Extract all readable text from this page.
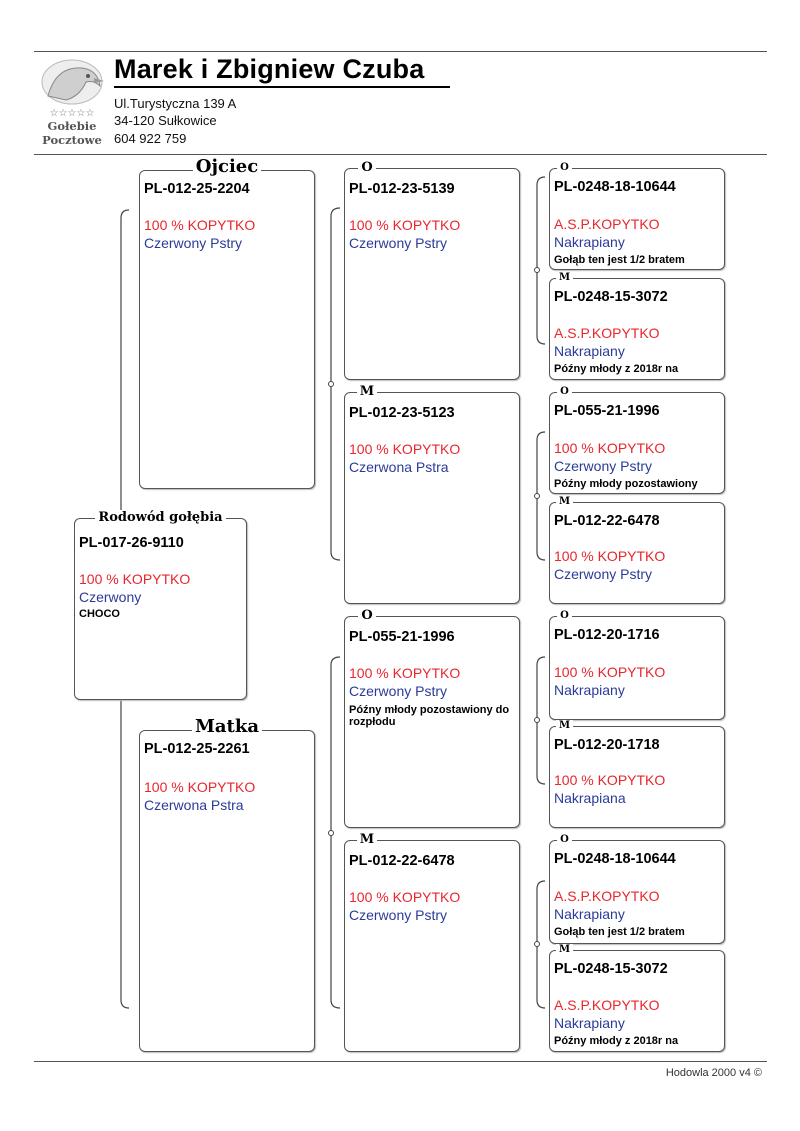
☆☆☆☆☆
Gołebie
Pocztowe
Marek i Zbigniew Czuba
Ul.Turystyczna 139 A
34-120 Sułkowice
604 922 759
Rodowód gołębia
PL-017-26-9110
100 % KOPYTKO
Czerwony
CHOCO
Ojciec
PL-012-25-2204
100 % KOPYTKO
Czerwony Pstry
Matka
PL-012-25-2261
100 % KOPYTKO
Czerwona Pstra
O
PL-012-23-5139
100 % KOPYTKO
Czerwony Pstry
M
PL-012-23-5123
100 % KOPYTKO
Czerwona Pstra
O
PL-055-21-1996
100 % KOPYTKO
Czerwony Pstry
Późny młody pozostawiony do rozpłodu
M
PL-012-22-6478
100 % KOPYTKO
Czerwony Pstry
O
PL-0248-18-10644
A.S.P.KOPYTKO
Nakrapiany
Gołąb ten jest 1/2 bratem
M
PL-0248-15-3072
A.S.P.KOPYTKO
Nakrapiany
Późny młody z 2018r na
O
PL-055-21-1996
100 % KOPYTKO
Czerwony Pstry
Późny młody pozostawiony
M
PL-012-22-6478
100 % KOPYTKO
Czerwony Pstry
O
PL-012-20-1716
100 % KOPYTKO
Nakrapiany
M
PL-012-20-1718
100 % KOPYTKO
Nakrapiana
O
PL-0248-18-10644
A.S.P.KOPYTKO
Nakrapiany
Gołąb ten jest 1/2 bratem
M
PL-0248-15-3072
A.S.P.KOPYTKO
Nakrapiany
Późny młody z 2018r na
Hodowla 2000 v4 ©
